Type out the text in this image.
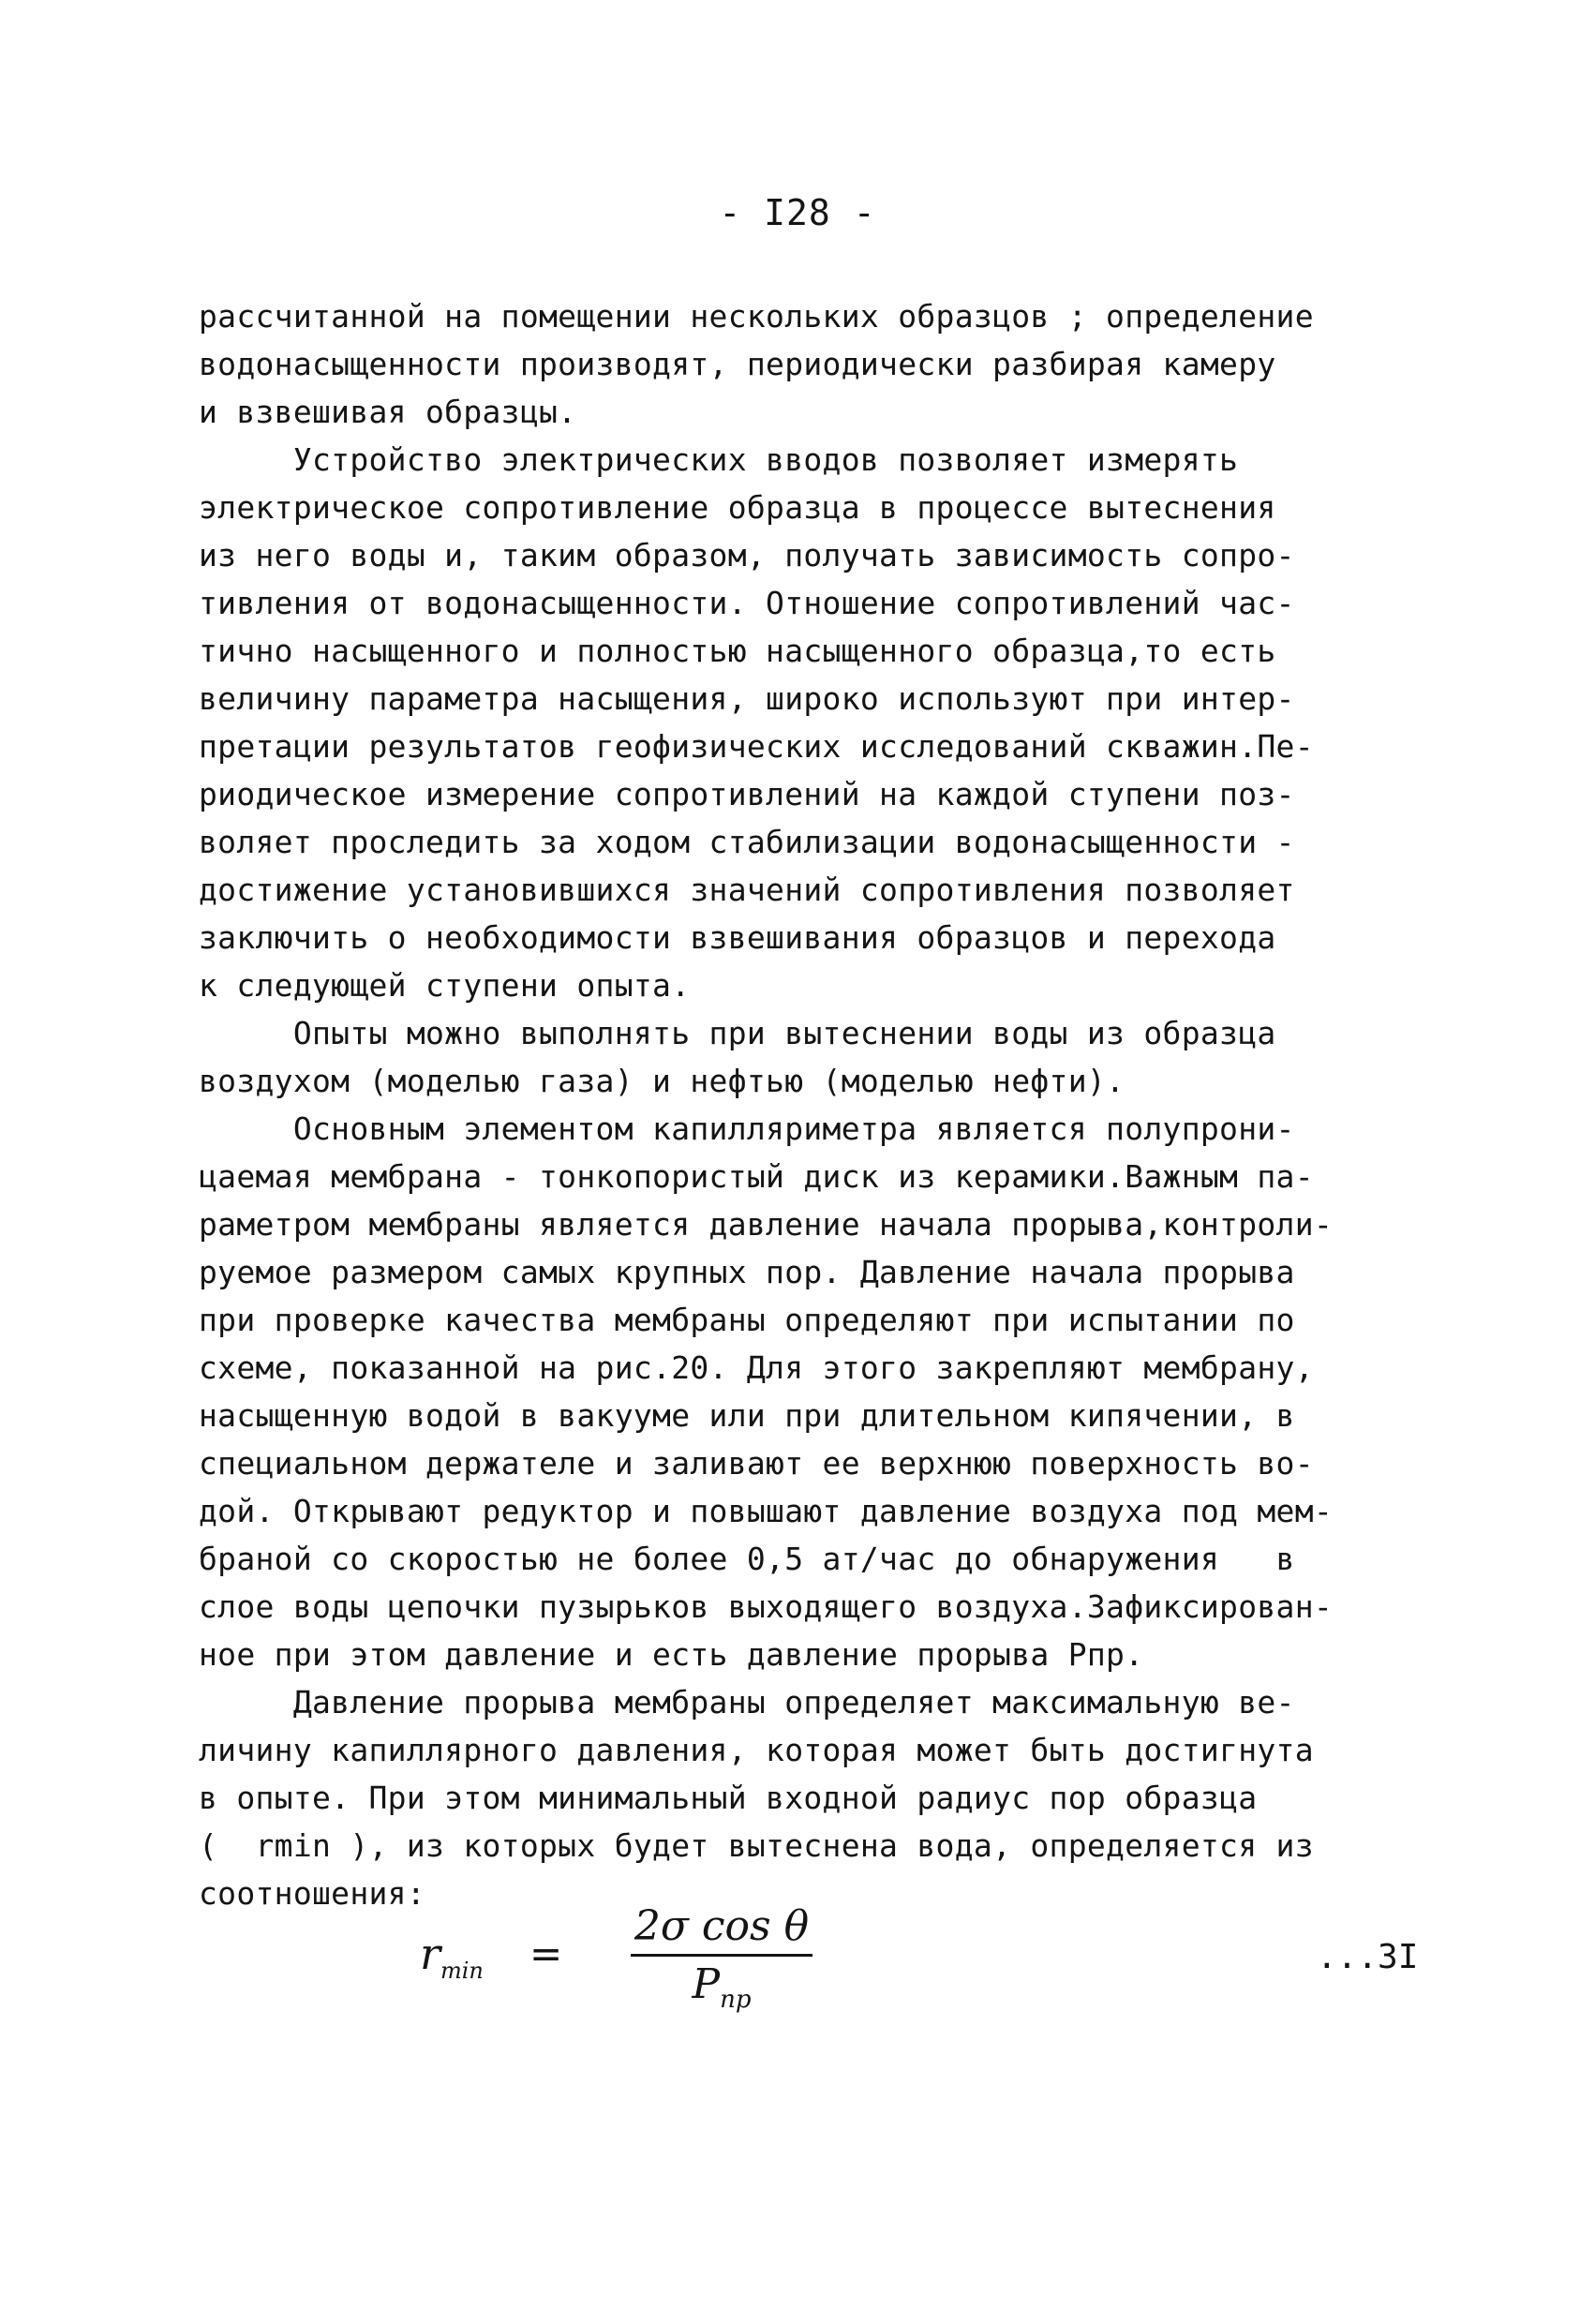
- I28 -
рассчитанной на помещении нескольких образцов ; определение
водонасыщенности производят, периодически разбирая камеру
и взвешивая образцы.
Устройство электрических вводов позволяет измерять
электрическое сопротивление образца в процессе вытеснения
из него воды и, таким образом, получать зависимость сопро-
тивления от водонасыщенности. Отношение сопротивлений час-
тично насыщенного и полностью насыщенного образца,то есть
величину параметра насыщения, широко используют при интер-
претации результатов геофизических исследований скважин.Пе-
риодическое измерение сопротивлений на каждой ступени поз-
воляет проследить за ходом стабилизации водонасыщенности -
достижение установившихся значений сопротивления позволяет
заключить о необходимости взвешивания образцов и перехода
к следующей ступени опыта.
Опыты можно выполнять при вытеснении воды из образца
воздухом (моделью газа) и нефтью (моделью нефти).
Основным элементом капилляриметра является полупрони-
цаемая мембрана - тонкопористый диск из керамики.Важным па-
раметром мембраны является давление начала прорыва,контроли-
руемое размером самых крупных пор. Давление начала прорыва
при проверке качества мембраны определяют при испытании по
схеме, показанной на рис.20. Для этого закрепляют мембрану,
насыщенную водой в вакууме или при длительном кипячении, в
специальном держателе и заливают ее верхнюю поверхность во-
дой. Открывают редуктор и повышают давление воздуха под мем-
браной со скоростью не более 0,5 ат/час до обнаружения   в
слое воды цепочки пузырьков выходящего воздуха.Зафиксирован-
ное при этом давление и есть давление прорыва Pпр.
Давление прорыва мембраны определяет максимальную ве-
личину капиллярного давления, которая может быть достигнута
в опыте. При этом минимальный входной радиус пор образца
(  rmin ), из которых будет вытеснена вода, определяется из
соотношения:
$r_{min}$ =
2σ cos θ
$P_{пр}$
...3I
